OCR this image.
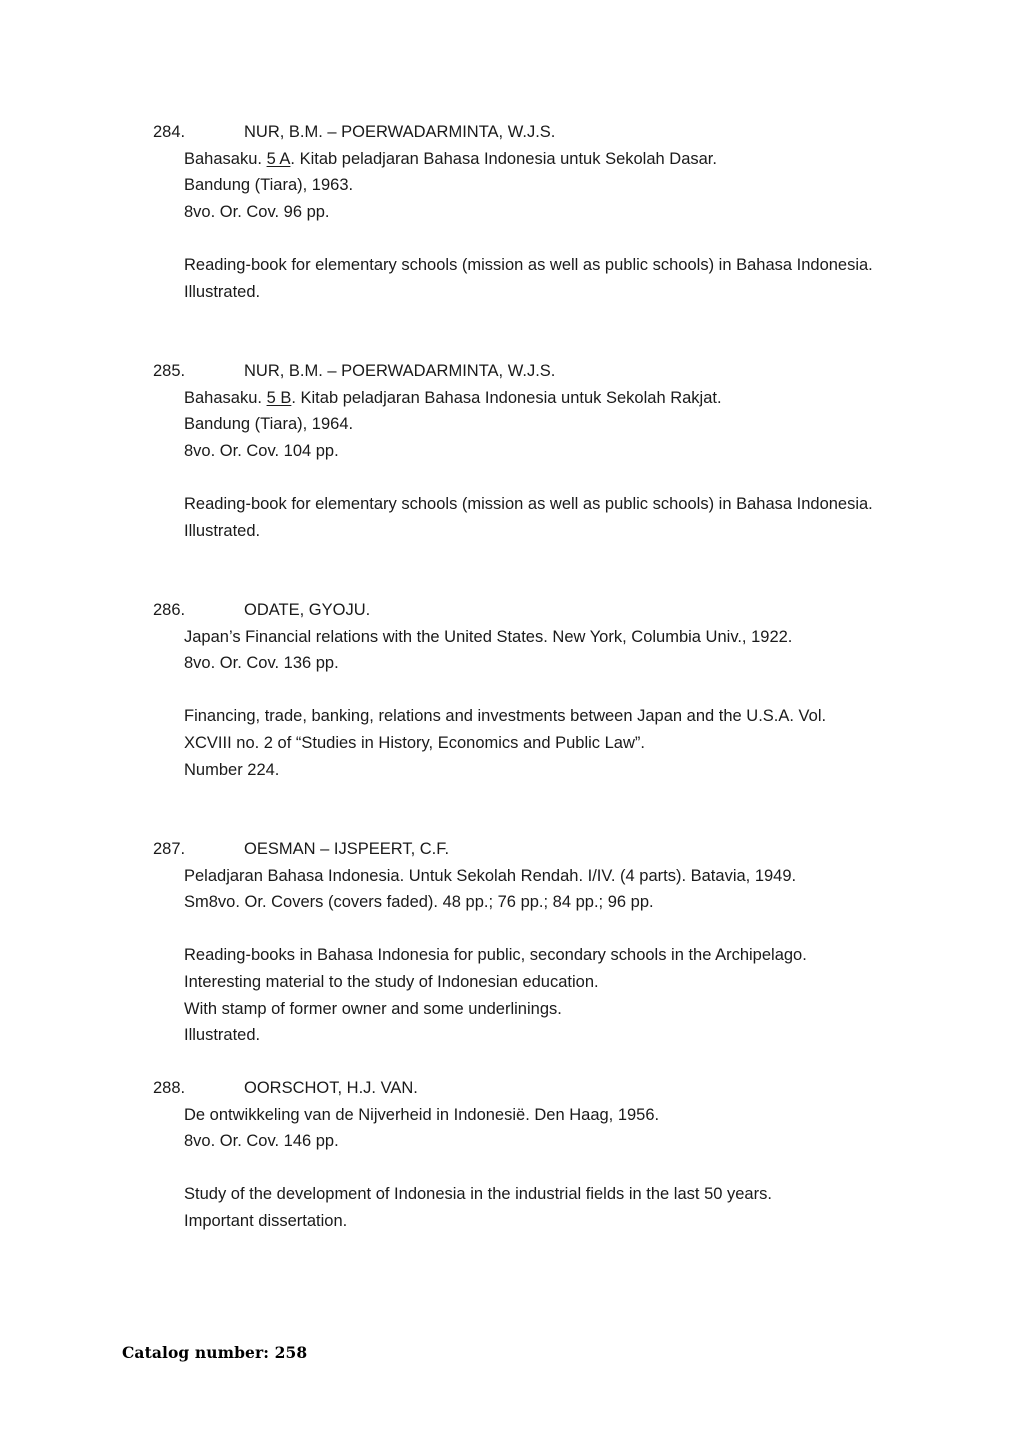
284.	NUR, B.M. – POERWADARMINTA, W.J.S.
Bahasaku. 5 A. Kitab peladjaran Bahasa Indonesia untuk Sekolah Dasar.
Bandung (Tiara), 1963.
8vo. Or. Cov. 96 pp.
Reading-book for elementary schools (mission as well as public schools) in Bahasa Indonesia.
Illustrated.
285.	NUR, B.M. – POERWADARMINTA, W.J.S.
Bahasaku. 5 B. Kitab peladjaran Bahasa Indonesia untuk Sekolah Rakjat.
Bandung (Tiara), 1964.
8vo. Or. Cov. 104 pp.
Reading-book for elementary schools (mission as well as public schools) in Bahasa Indonesia.
Illustrated.
286.	ODATE, GYOJU.
Japan’s Financial relations with the United States. New York, Columbia Univ., 1922.
8vo. Or. Cov. 136 pp.
Financing, trade, banking, relations and investments between Japan and the U.S.A. Vol.
XCVIII no. 2 of “Studies in History, Economics and Public Law”.
Number 224.
287.	OESMAN – IJSPEERT, C.F.
Peladjaran Bahasa Indonesia. Untuk Sekolah Rendah. I/IV. (4 parts). Batavia, 1949.
Sm8vo. Or. Covers (covers faded). 48 pp.; 76 pp.; 84 pp.; 96 pp.
Reading-books in Bahasa Indonesia for public, secondary schools in the Archipelago.
Interesting material to the study of Indonesian education.
With stamp of former owner and some underlinings.
Illustrated.
288.	OORSCHOT, H.J. VAN.
De ontwikkeling van de Nijverheid in Indonesië. Den Haag, 1956.
8vo. Or. Cov. 146 pp.
Study of the development of Indonesia in the industrial fields in the last 50 years.
Important dissertation.
Catalog number: 258
